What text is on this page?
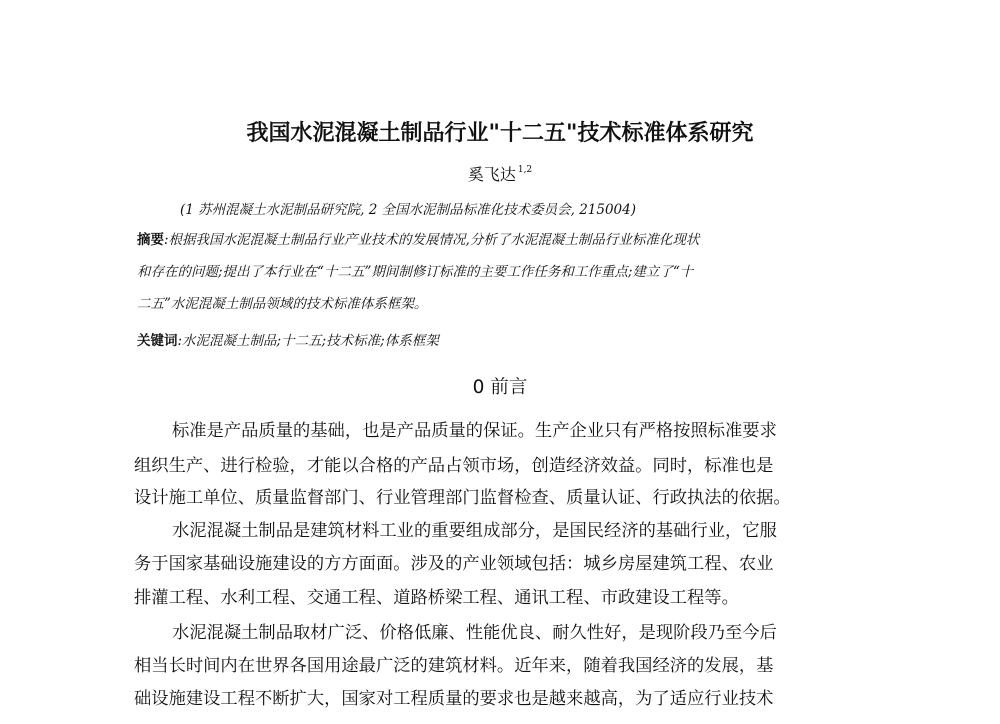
我国水泥混凝土制品行业"十二五"技术标准体系研究
奚飞达 $^{1,2}$
(1 苏州混凝土水泥制品研究院, 2 全国水泥制品标准化技术委员会, 215004)
摘要:根据我国水泥混凝土制品行业产业技术的发展情况,分析了水泥混凝土制品行业标准化现状
和存在的问题;提出了本行业在“十二五”期间制修订标准的主要工作任务和工作重点;建立了“十
二五”水泥混凝土制品领域的技术标准体系框架。
关键词:水泥混凝土制品;十二五;技术标准;体系框架
0 前言
标准是产品质量的基础，也是产品质量的保证。生产企业只有严格按照标准要求
组织生产、进行检验，才能以合格的产品占领市场，创造经济效益。同时，标准也是
设计施工单位、质量监督部门、行业管理部门监督检查、质量认证、行政执法的依据。
水泥混凝土制品是建筑材料工业的重要组成部分，是国民经济的基础行业，它服
务于国家基础设施建设的方方面面。涉及的产业领域包括：城乡房屋建筑工程、农业
排灌工程、水利工程、交通工程、道路桥梁工程、通讯工程、市政建设工程等。
水泥混凝土制品取材广泛、价格低廉、性能优良、耐久性好，是现阶段乃至今后
相当长时间内在世界各国用途最广泛的建筑材料。近年来，随着我国经济的发展，基
础设施建设工程不断扩大，国家对工程质量的要求也是越来越高，为了适应行业技术
